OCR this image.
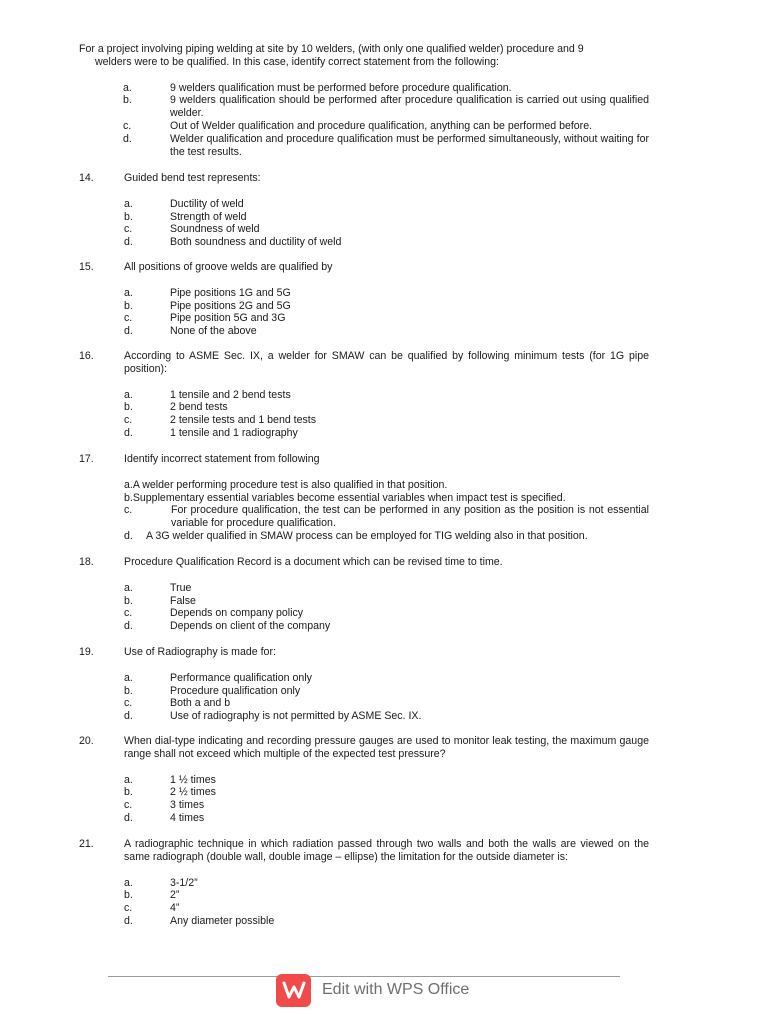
For a project involving piping welding at site by 10 welders, (with only one qualified welder) procedure and 9
welders were to be qualified. In this case, identify correct statement from the following:
a.	9 welders qualification must be performed before procedure qualification.
b.	9 welders qualification should be performed after procedure qualification is carried out using qualified welder.
c.	Out of Welder qualification and procedure qualification, anything can be performed before.
d.	Welder qualification and procedure qualification must be performed simultaneously, without waiting for the test results.
14.	Guided bend test represents:
a.	Ductility of weld
b.	Strength of weld
c.	Soundness of weld
d.	Both soundness and ductility of weld
15.	All positions of groove welds are qualified by
a.	Pipe positions 1G and 5G
b.	Pipe positions 2G and 5G
c.	Pipe position 5G and 3G
d.	None of the above
16.	According to ASME Sec. IX, a welder for SMAW can be qualified by following minimum tests (for 1G pipe position):
a.	1 tensile and 2 bend tests
b.	2 bend tests
c.	2 tensile tests and 1 bend tests
d.	1 tensile and 1 radiography
17.	Identify incorrect statement from following
a.A welder performing procedure test is also qualified in that position.
b.Supplementary essential variables become essential variables when impact test is specified.
c.	For procedure qualification, the test can be performed in any position as the position is not essential variable for procedure qualification.
d. A 3G welder qualified in SMAW process can be employed for TIG welding also in that position.
18.	Procedure Qualification Record is a document which can be revised time to time.
a.	True
b.	False
c.	Depends on company policy
d.	Depends on client of the company
19.	Use of Radiography is made for:
a.	Performance qualification only
b.	Procedure qualification only
c.	Both a and b
d.	Use of radiography is not permitted by ASME Sec. IX.
20.	When dial-type indicating and recording pressure gauges are used to monitor leak testing, the maximum gauge range shall not exceed which multiple of the expected test pressure?
a.	1 ½ times
b.	2 ½ times
c.	3 times
d.	4 times
21.	A radiographic technique in which radiation passed through two walls and both the walls are viewed on the same radiograph (double wall, double image – ellipse) the limitation for the outside diameter is:
a.	3-1/2”
b.	2”
c.	4”
d.	Any diameter possible
Edit with WPS Office
